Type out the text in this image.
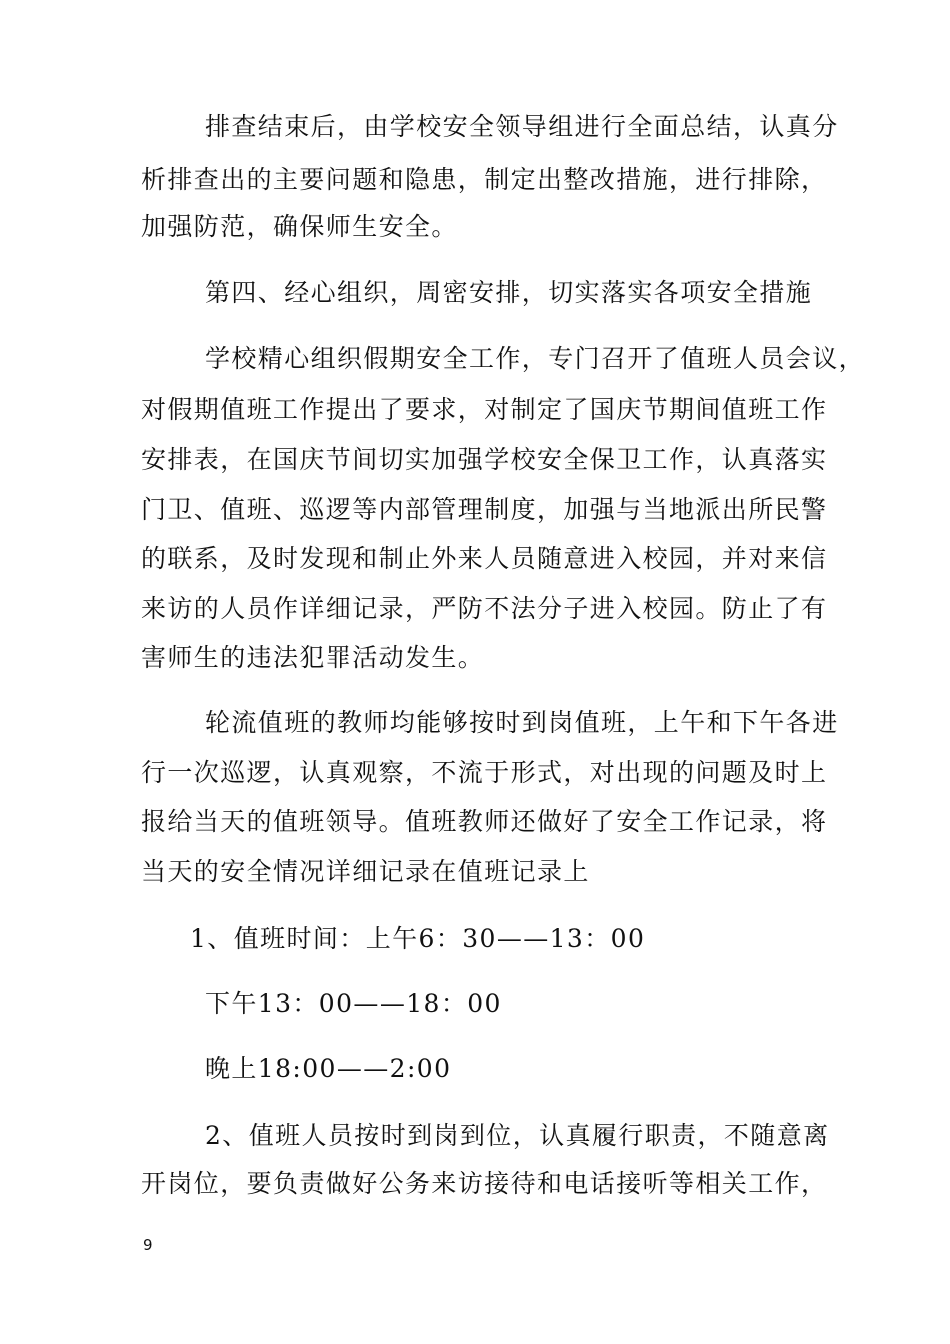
排查结束后，由学校安全领导组进行全面总结，认真分
析排查出的主要问题和隐患，制定出整改措施，进行排除，
加强防范，确保师生安全。
第四、经心组织，周密安排，切实落实各项安全措施
学校精心组织假期安全工作，专门召开了值班人员会议，
对假期值班工作提出了要求，对制定了国庆节期间值班工作
安排表，在国庆节间切实加强学校安全保卫工作，认真落实
门卫、值班、巡逻等内部管理制度，加强与当地派出所民警
的联系，及时发现和制止外来人员随意进入校园，并对来信
来访的人员作详细记录，严防不法分子进入校园。防止了有
害师生的违法犯罪活动发生。
轮流值班的教师均能够按时到岗值班，上午和下午各进
行一次巡逻，认真观察，不流于形式，对出现的问题及时上
报给当天的值班领导。值班教师还做好了安全工作记录，将
当天的安全情况详细记录在值班记录上
1、值班时间：上午6：30——13：00
下午13：00——18：00
晚上18:00——2:00
2、值班人员按时到岗到位，认真履行职责，不随意离
开岗位，要负责做好公务来访接待和电话接听等相关工作，
9
